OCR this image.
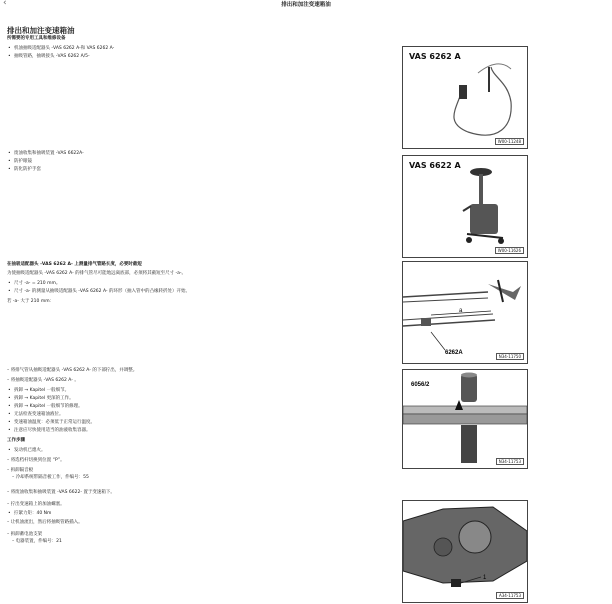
‹	排出和加注变速箱油
排出和加注变速箱油
所需要的专用工具和维修设备
• 机油抽吸适配器头 -VAS 6262 A-和 VAS 6262 A-
• 抽吸管路，抽吸接头 -VAS 6262 A/5-
• 废油收集和抽吸装置 -VAS 6622A-
• 防护眼镜
• 防化防护手套
在抽吸适配器头 -VAS 6262 A- 上测量排气管路长度，必要时截短
为使抽吸适配器头 -VAS 6262 A- 的排气管尽可能地远离底部，必须将其截短至尺寸 -a-。
• 尺寸 -a- = 210 mm。
• 尺寸 -a- 的测量从抽吸适配器头 -VAS 6262 A- 的环形（抽入管中的凸缘转折处）开始。
若 -a- 大于 210 mm：
– 将排气管从抽吸适配器头 -VAS 6262 A- 的下部拧出，并调整。
– 将抽吸适配器头 -VAS 6262 A- 。
• 拆卸 → Kapitel 一般细节。
• 拆卸 → Kapitel 更深的工作。
• 拆卸 → Kapitel 一般细节的修理。
• 无法检查变速箱油液位。
• 变速箱油温度：必须低于正常运行温度。
• 注意应尽快使用适当的油液收集容器。
工作步骤
• 发动机已熄火。
– 将选档杆切换到位置 “P”。
– 拆卸隔音板
– 冷却系统带隔音板工作，件编号：55
– 将废油收集和抽吸装置 -VAS 6622- 置于变速箱下。
– 拧出变速箱上的加油螺塞。
• 拧紧力矩：40 Nm
– 让机油流出，然后将抽吸管路插入。
– 拆卸蓄电池支架
– 电器装置，件编号：21
VAS 6262 A
W00-11248
VAS 6622 A
W00-11626
a
6262A
N34-11750
6056/2
N34-11753
1
A34-11753
